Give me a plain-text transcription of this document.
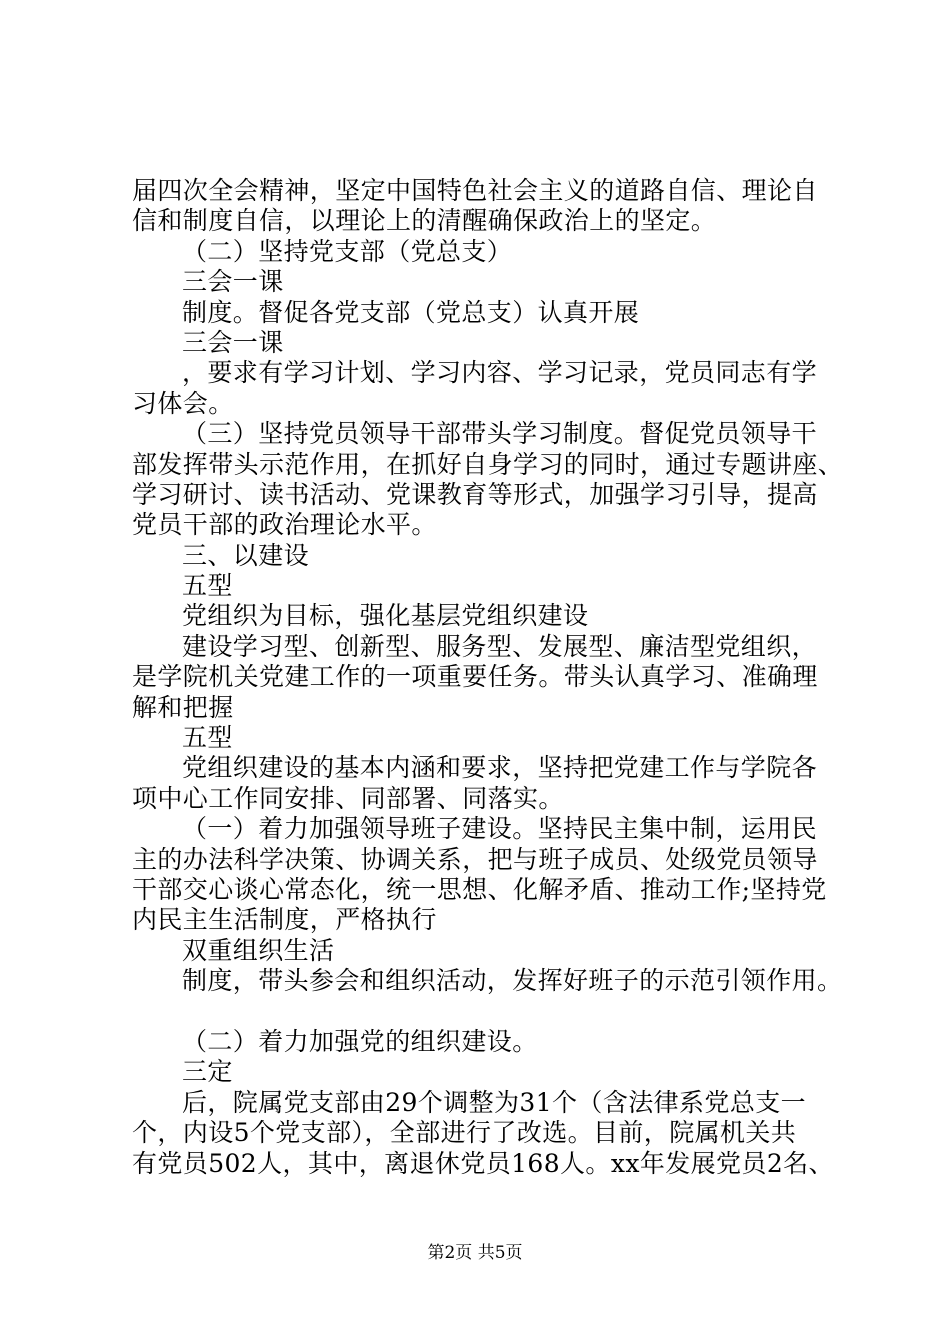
届四次全会精神，坚定中国特色社会主义的道路自信、理论自
信和制度自信，以理论上的清醒确保政治上的坚定。
（二）坚持党支部（党总支）
三会一课
制度。督促各党支部（党总支）认真开展
三会一课
，要求有学习计划、学习内容、学习记录，党员同志有学
习体会。
（三）坚持党员领导干部带头学习制度。督促党员领导干
部发挥带头示范作用，在抓好自身学习的同时，通过专题讲座、
学习研讨、读书活动、党课教育等形式，加强学习引导，提高
党员干部的政治理论水平。
三、以建设
五型
党组织为目标，强化基层党组织建设
建设学习型、创新型、服务型、发展型、廉洁型党组织，
是学院机关党建工作的一项重要任务。带头认真学习、准确理
解和把握
五型
党组织建设的基本内涵和要求，坚持把党建工作与学院各
项中心工作同安排、同部署、同落实。
（一）着力加强领导班子建设。坚持民主集中制，运用民
主的办法科学决策、协调关系，把与班子成员、处级党员领导
干部交心谈心常态化，统一思想、化解矛盾、推动工作;坚持党
内民主生活制度，严格执行
双重组织生活
制度，带头参会和组织活动，发挥好班子的示范引领作用。
（二）着力加强党的组织建设。
三定
后，院属党支部由29个调整为31个（含法律系党总支一
个，内设5个党支部），全部进行了改选。目前，院属机关共
有党员502人，其中，离退休党员168人。xx年发展党员2名、
第2页 共5页
